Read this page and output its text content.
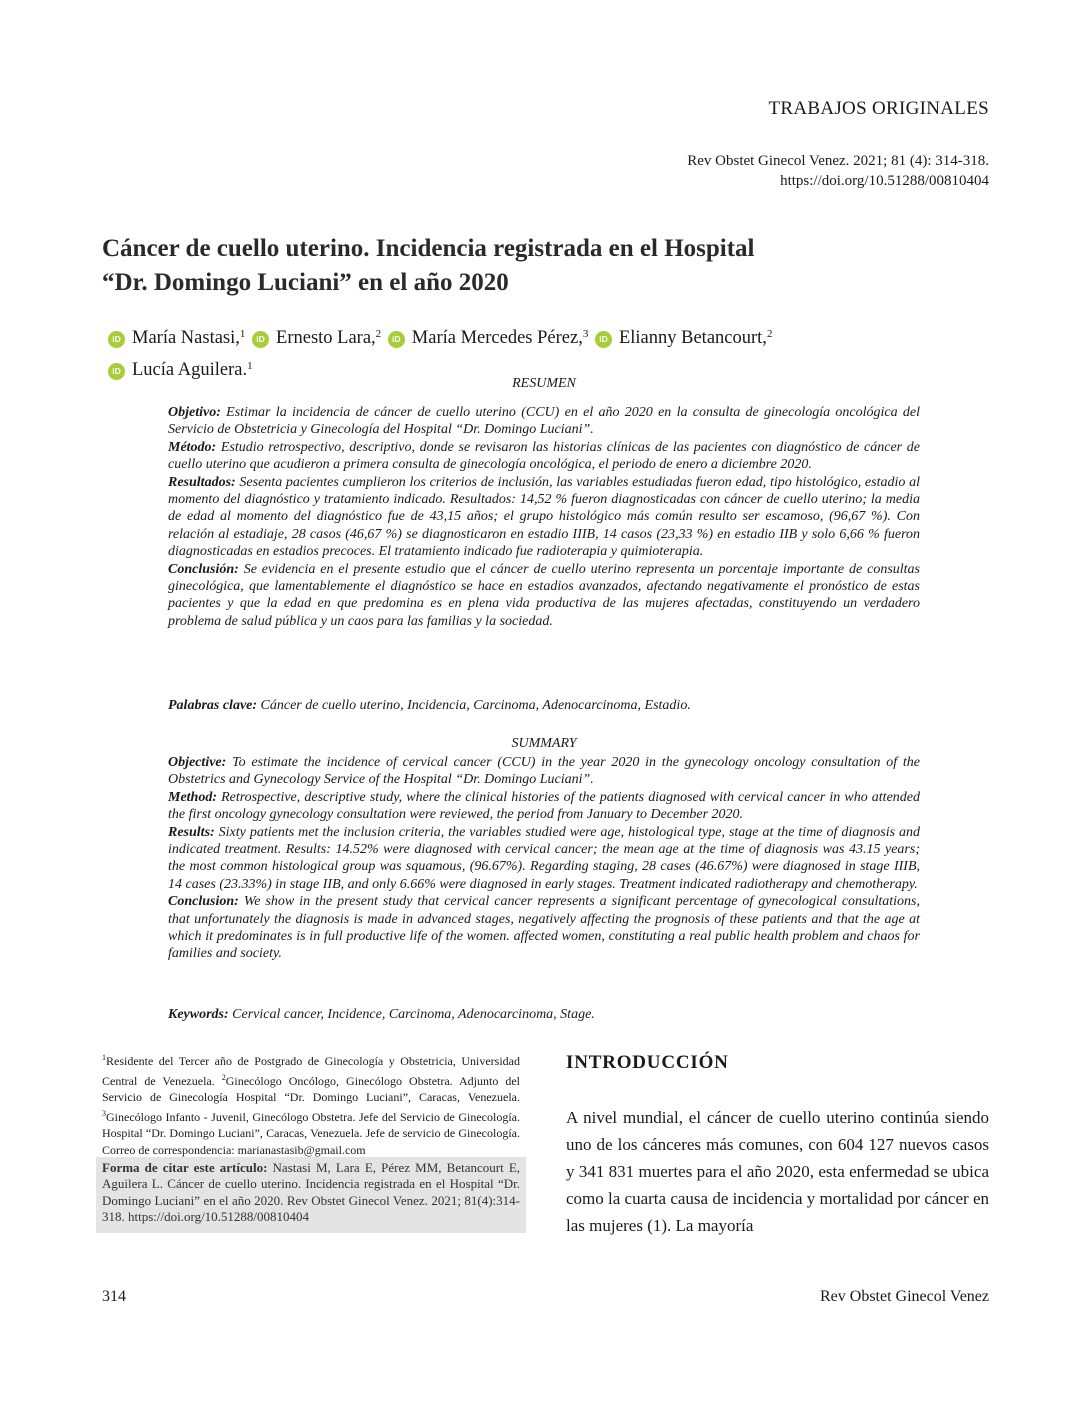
TRABAJOS ORIGINALES
Rev Obstet Ginecol Venez. 2021; 81 (4): 314-318.
https://doi.org/10.51288/00810404
Cáncer de cuello uterino. Incidencia registrada en el Hospital
“Dr. Domingo Luciani” en el año 2020
iD María Nastasi,$^1$ iD Ernesto Lara,$^2$ iD María Mercedes Pérez,$^3$ iD Elianny Betancourt,$^2$
iD Lucía Aguilera.$^1$
RESUMEN

Objetivo: Estimar la incidencia de cáncer de cuello uterino (CCU) en el año 2020 en la consulta de ginecología oncológica del Servicio de Obstetricia y Ginecología del Hospital “Dr. Domingo Luciani”.

Método: Estudio retrospectivo, descriptivo, donde se revisaron las historias clínicas de las pacientes con diagnóstico de cáncer de cuello uterino que acudieron a primera consulta de ginecología oncológica, el periodo de enero a diciembre 2020.

Resultados: Sesenta pacientes cumplieron los criterios de inclusión, las variables estudiadas fueron edad, tipo histológico, estadio al momento del diagnóstico y tratamiento indicado. Resultados: 14,52 % fueron diagnosticadas con cáncer de cuello uterino; la media de edad al momento del diagnóstico fue de 43,15 años; el grupo histológico más común resulto ser escamoso, (96,67 %). Con relación al estadiaje, 28 casos (46,67 %) se diagnosticaron en estadio IIIB, 14 casos (23,33 %) en estadio IIB y solo 6,66 % fueron diagnosticadas en estadios precoces. El tratamiento indicado fue radioterapia y quimioterapia.

Conclusión: Se evidencia en el presente estudio que el cáncer de cuello uterino representa un porcentaje importante de consultas ginecológica, que lamentablemente el diagnóstico se hace en estadios avanzados, afectando negativamente el pronóstico de estas pacientes y que la edad en que predomina es en plena vida productiva de las mujeres afectadas, constituyendo un verdadero problema de salud pública y un caos para las familias y la sociedad.

Palabras clave: Cáncer de cuello uterino, Incidencia, Carcinoma, Adenocarcinoma, Estadio.
SUMMARY

Objective: To estimate the incidence of cervical cancer (CCU) in the year 2020 in the gynecology oncology consultation of the Obstetrics and Gynecology Service of the Hospital “Dr. Domingo Luciani”.

Method: Retrospective, descriptive study, where the clinical histories of the patients diagnosed with cervical cancer in who attended the first oncology gynecology consultation were reviewed, the period from January to December 2020.

Results: Sixty patients met the inclusion criteria, the variables studied were age, histological type, stage at the time of diagnosis and indicated treatment. Results: 14.52% were diagnosed with cervical cancer; the mean age at the time of diagnosis was 43.15 years; the most common histological group was squamous, (96.67%). Regarding staging, 28 cases (46.67%) were diagnosed in stage IIIB, 14 cases (23.33%) in stage IIB, and only 6.66% were diagnosed in early stages. Treatment indicated radiotherapy and chemotherapy.

Conclusion: We show in the present study that cervical cancer represents a significant percentage of gynecological consultations, that unfortunately the diagnosis is made in advanced stages, negatively affecting the prognosis of these patients and that the age at which it predominates is in full productive life of the women. affected women, constituting a real public health problem and chaos for families and society.

Keywords: Cervical cancer, Incidence, Carcinoma, Adenocarcinoma, Stage.

$^1$Residente del Tercer año de Postgrado de Ginecología y Obstetricia, Universidad Central de Venezuela. $^2$Ginecólogo Oncólogo, Ginecólogo Obstetra. Adjunto del Servicio de Ginecología Hospital “Dr. Domingo Luciani”, Caracas, Venezuela. $^3$Ginecólogo Infanto - Juvenil, Ginecólogo Obstetra. Jefe del Servicio de Ginecología. Hospital “Dr. Domingo Luciani”, Caracas, Venezuela. Jefe de servicio de Ginecología. Correo de correspondencia: marianastasib@gmail.com

Forma de citar este artículo: Nastasi M, Lara E, Pérez MM, Betancourt E, Aguilera L. Cáncer de cuello uterino. Incidencia registrada en el Hospital “Dr. Domingo Luciani” en el año 2020. Rev Obstet Ginecol Venez. 2021; 81(4):314-318. https://doi.org/10.51288/00810404

INTRODUCCIÓN

A nivel mundial, el cáncer de cuello uterino continúa siendo uno de los cánceres más comunes, con 604 127 nuevos casos y 341 831 muertes para el año 2020, esta enfermedad se ubica como la cuarta causa de incidencia y mortalidad por cáncer en las mujeres (1). La mayoría

314	Rev Obstet Ginecol Venez
